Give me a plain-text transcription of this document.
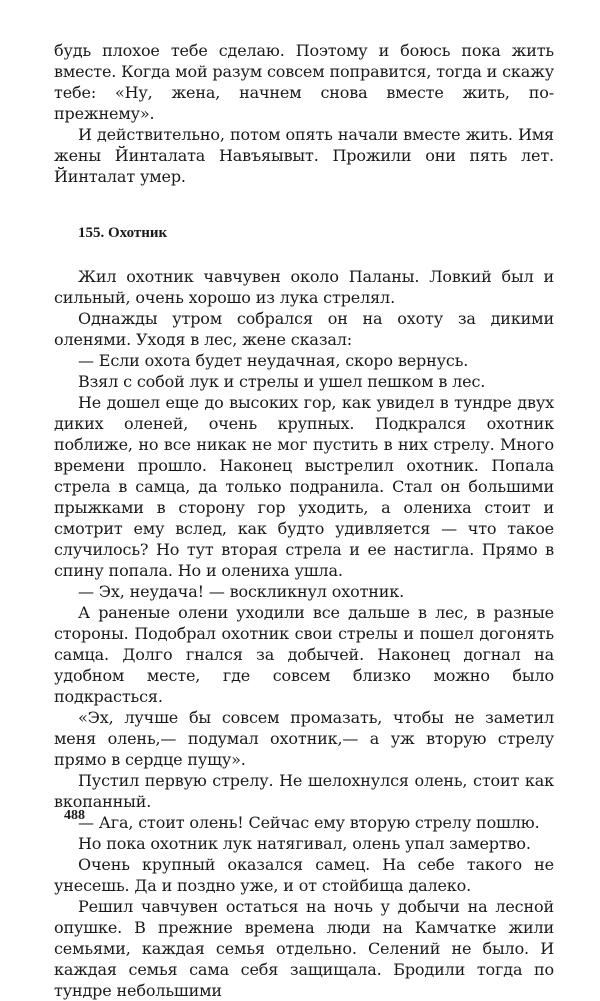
будь плохое тебе сделаю. Поэтому и боюсь пока жить вместе. Когда мой разум совсем поправится, тогда и скажу тебе: «Ну, жена, начнем снова вместе жить, по-прежнему».

И действительно, потом опять начали вместе жить. Имя жены Йинталата Навъяывыт. Прожили они пять лет. Йинталат умер.

155. Охотник

Жил охотник чавчувен около Паланы. Ловкий был и сильный, очень хорошо из лука стрелял.

Однажды утром собрался он на охоту за дикими оленями. Уходя в лес, жене сказал:

— Если охота будет неудачная, скоро вернусь.

Взял с собой лук и стрелы и ушел пешком в лес.

Не дошел еще до высоких гор, как увидел в тундре двух диких оленей, очень крупных. Подкрался охотник поближе, но все никак не мог пустить в них стрелу. Много времени прошло. Наконец выстрелил охотник. Попала стрела в самца, да только подранила. Стал он большими прыжками в сторону гор уходить, а олениха стоит и смотрит ему вслед, как будто удивляется — что такое случилось? Но тут вторая стрела и ее настигла. Прямо в спину попала. Но и олениха ушла.

— Эх, неудача! — воскликнул охотник.

А раненые олени уходили все дальше в лес, в разные стороны. Подобрал охотник свои стрелы и пошел догонять самца. Долго гнался за добычей. Наконец догнал на удобном месте, где совсем близко можно было подкрасться.

«Эх, лучше бы совсем промазать, чтобы не заметил меня олень,— подумал охотник,— а уж вторую стрелу прямо в сердце пущу».

Пустил первую стрелу. Не шелохнулся олень, стоит как вкопанный.

— Ага, стоит олень! Сейчас ему вторую стрелу пошлю.

Но пока охотник лук натягивал, олень упал замертво.

Очень крупный оказался самец. На себе такого не унесешь. Да и поздно уже, и от стойбища далеко.

Решил чавчувен остаться на ночь у добычи на лесной опушке. В прежние времена люди на Камчатке жили семьями, каждая семья отдельно. Селений не было. И каждая семья сама себя защищала. Бродили тогда по тундре небольшими

488
